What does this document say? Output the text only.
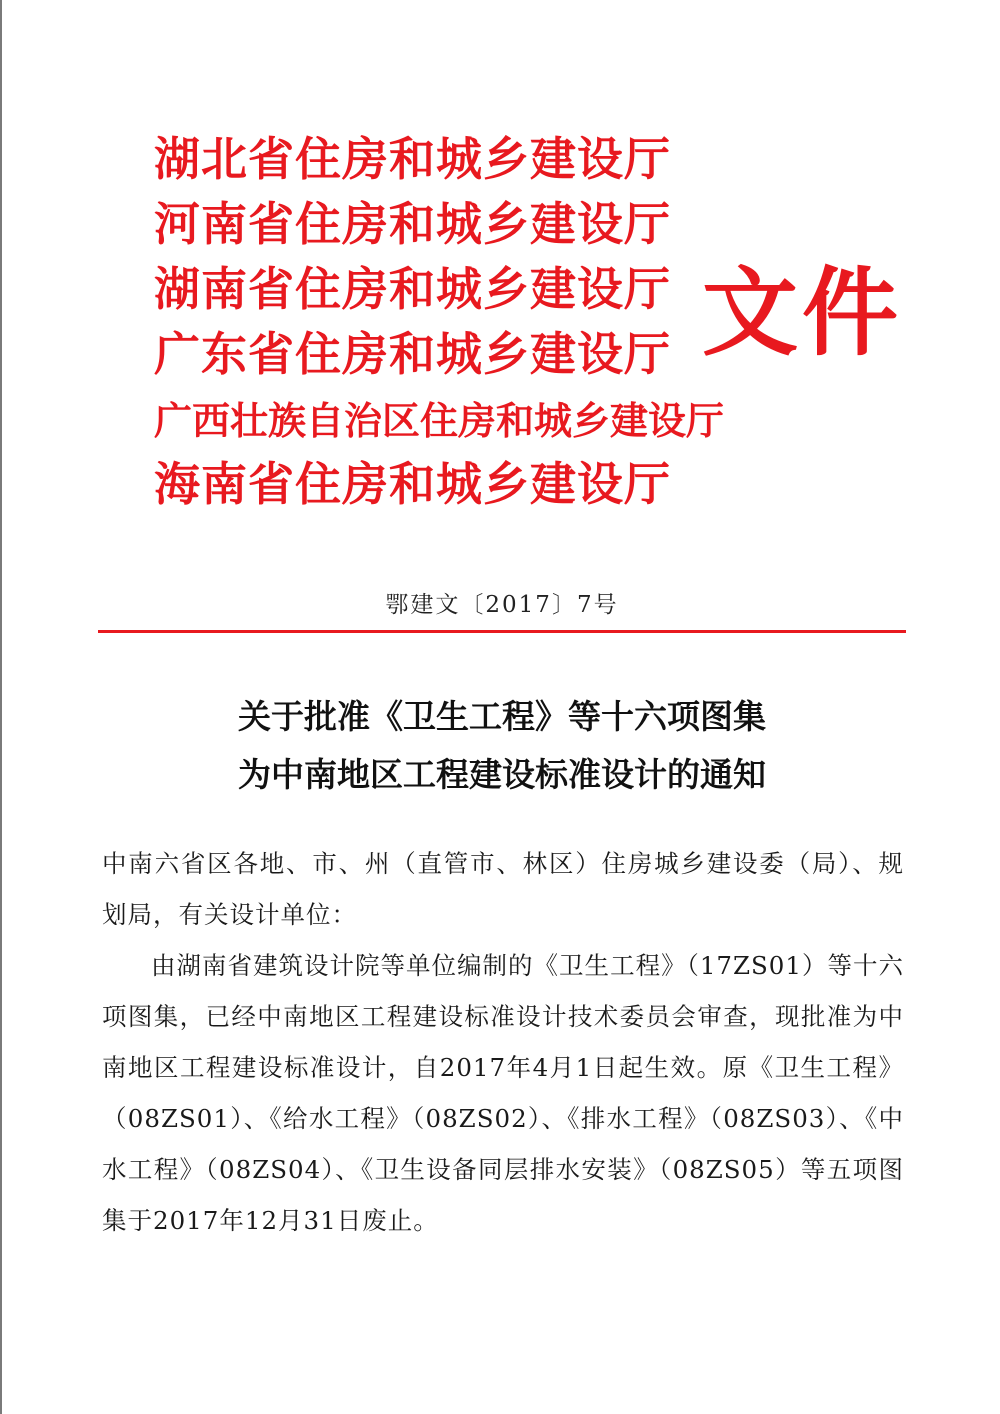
湖北省住房和城乡建设厅
河南省住房和城乡建设厅
湖南省住房和城乡建设厅
广东省住房和城乡建设厅
广西壮族自治区住房和城乡建设厅
海南省住房和城乡建设厅
文件
鄂建文〔2017〕7号
关于批准《卫生工程》等十六项图集
为中南地区工程建设标准设计的通知

中南六省区各地、市、州（直管市、林区）住房城乡建设委（局）、规划局，有关设计单位：

由湖南省建筑设计院等单位编制的《卫生工程》（17ZS01）等十六项图集，已经中南地区工程建设标准设计技术委员会审查，现批准为中南地区工程建设标准设计，自2017年4月1日起生效。原《卫生工程》（08ZS01）、《给水工程》（08ZS02）、《排水工程》（08ZS03）、《中水工程》（08ZS04）、《卫生设备同层排水安装》（08ZS05）等五项图集于2017年12月31日废止。
